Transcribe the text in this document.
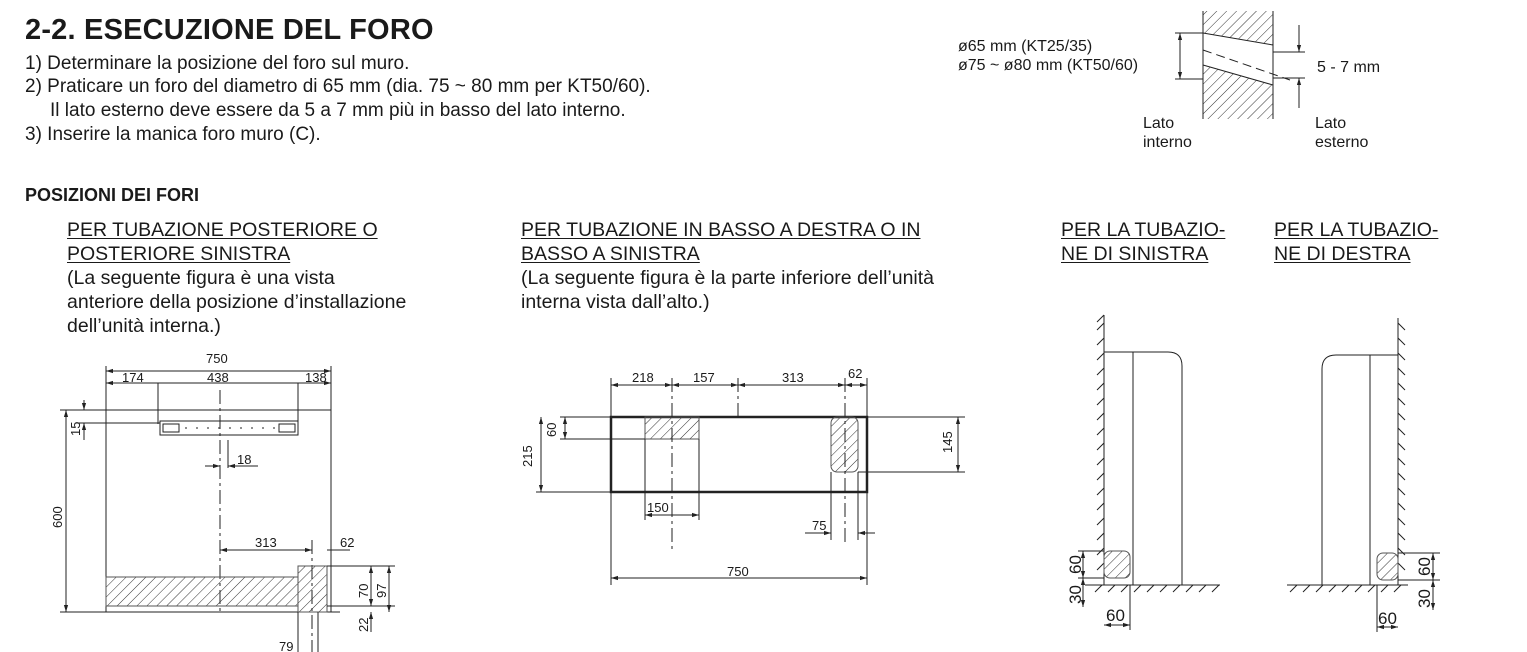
2-2. ESECUZIONE DEL FORO
1) Determinare la posizione del foro sul muro.
2) Praticare un foro del diametro di 65 mm (dia. 75 ~ 80 mm per KT50/60).
Il lato esterno deve essere da 5 a 7 mm più in basso del lato interno.
3) Inserire la manica foro muro (C).
ø65 mm (KT25/35)
ø75 ~ ø80 mm (KT50/60)	5 - 7 mm
Lato
interno
Lato
esterno
POSIZIONI DEI FORI
PER TUBAZIONE POSTERIORE O
POSTERIORE SINISTRA
(La seguente figura è una vista anteriore della posizione d’installazione dell’unità interna.)
PER TUBAZIONE IN BASSO A DESTRA O IN
BASSO A SINISTRA
(La seguente figura è la parte inferiore dell’unità interna vista dall’alto.)
PER LA TUBAZIO-
NE DI SINISTRA
PER LA TUBAZIO-
NE DI DESTRA
750
174	438	138
15
18
600
313	62
70 97
22
79
218	157	313	62
60
215
145
150
75
750	60
30
60
60
30
60
